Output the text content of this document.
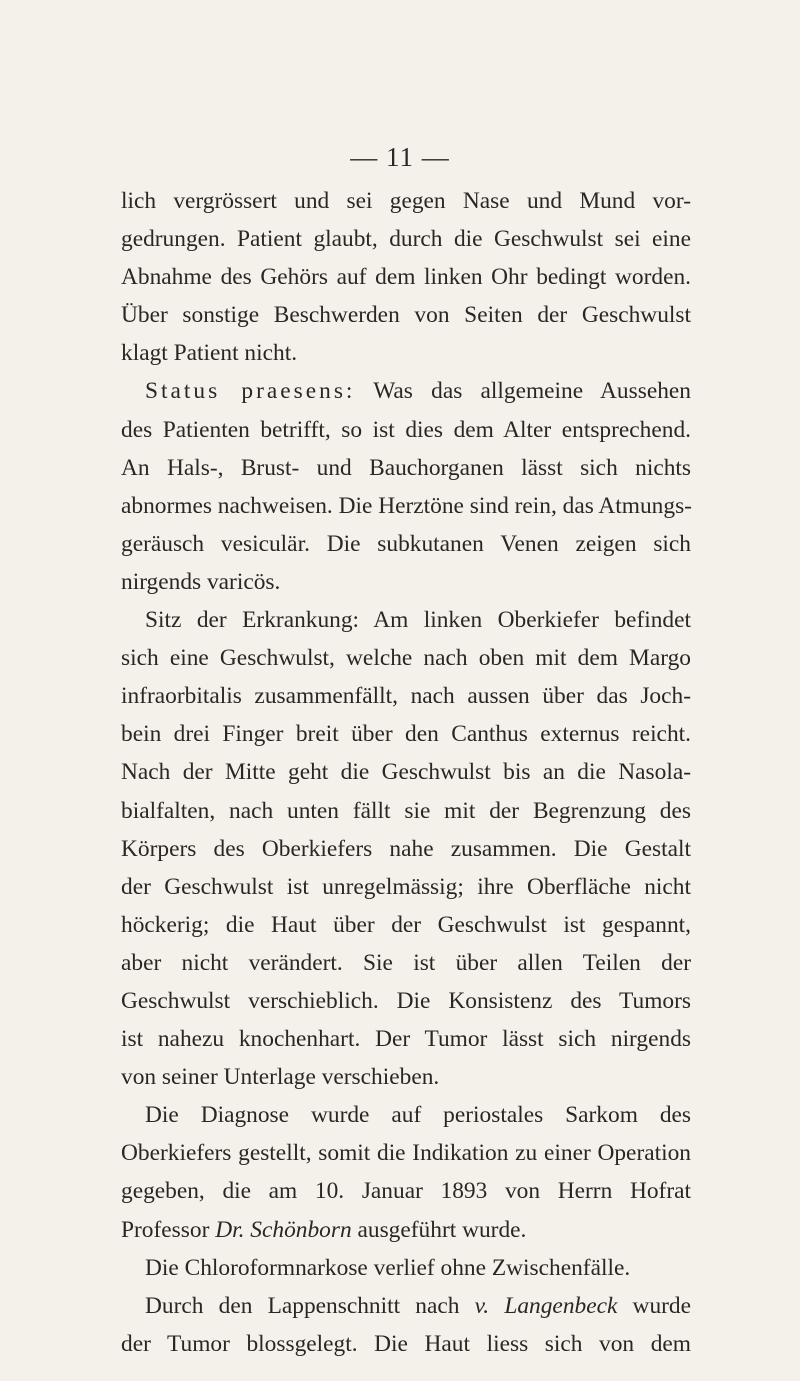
— 11 —
lich vergrössert und sei gegen Nase und Mund vor-
gedrungen. Patient glaubt, durch die Geschwulst sei eine
Abnahme des Gehörs auf dem linken Ohr bedingt worden.
Über sonstige Beschwerden von Seiten der Geschwulst
klagt Patient nicht.
Status praesens: Was das allgemeine Aussehen
des Patienten betrifft, so ist dies dem Alter entsprechend.
An Hals-, Brust- und Bauchorganen lässt sich nichts
abnormes nachweisen. Die Herztöne sind rein, das Atmungs-
geräusch vesiculär. Die subkutanen Venen zeigen sich
nirgends varicös.
Sitz der Erkrankung: Am linken Oberkiefer befindet
sich eine Geschwulst, welche nach oben mit dem Margo
infraorbitalis zusammenfällt, nach aussen über das Joch-
bein drei Finger breit über den Canthus externus reicht.
Nach der Mitte geht die Geschwulst bis an die Nasola-
bialfalten, nach unten fällt sie mit der Begrenzung des
Körpers des Oberkiefers nahe zusammen. Die Gestalt
der Geschwulst ist unregelmässig; ihre Oberfläche nicht
höckerig; die Haut über der Geschwulst ist gespannt,
aber nicht verändert. Sie ist über allen Teilen der
Geschwulst verschieblich. Die Konsistenz des Tumors
ist nahezu knochenhart. Der Tumor lässt sich nirgends
von seiner Unterlage verschieben.
Die Diagnose wurde auf periostales Sarkom des
Oberkiefers gestellt, somit die Indikation zu einer Operation
gegeben, die am 10. Januar 1893 von Herrn Hofrat
Professor Dr. Schönborn ausgeführt wurde.
Die Chloroformnarkose verlief ohne Zwischenfälle.
Durch den Lappenschnitt nach v. Langenbeck wurde
der Tumor blossgelegt. Die Haut liess sich von dem
